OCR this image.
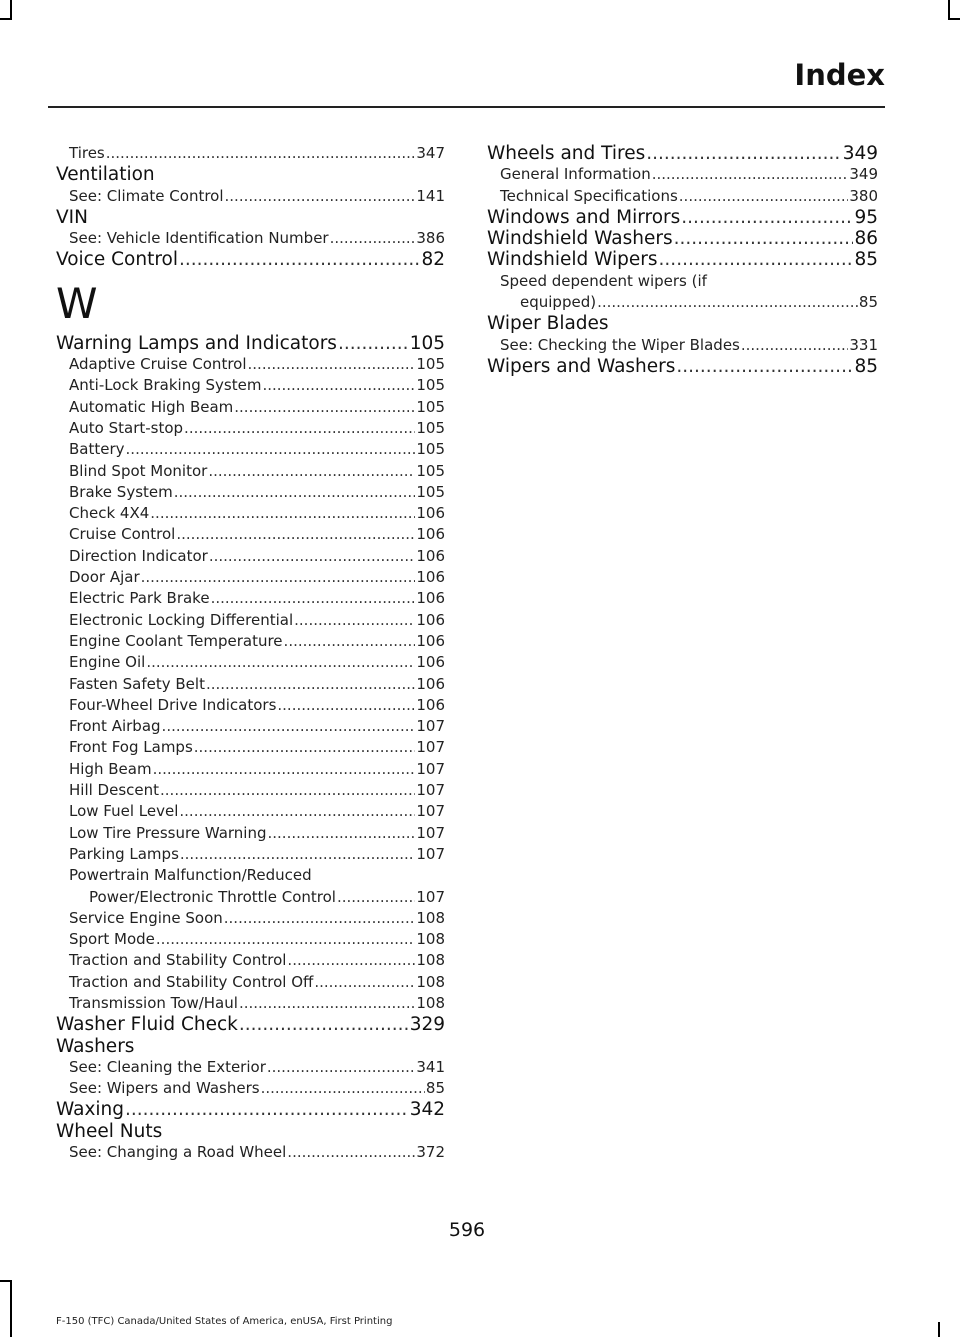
Index
Tires .....	347
Ventilation
See: Climate Control .....	141
VIN
See: Vehicle Identification Number .....	386
Voice Control .....	82
W
Warning Lamps and Indicators .....	105
Adaptive Cruise Control .....	105
Anti-Lock Braking System .....	105
Automatic High Beam .....	105
Auto Start-stop .....	105
Battery .....	105
Blind Spot Monitor .....	105
Brake System .....	105
Check 4X4 .....	106
Cruise Control .....	106
Direction Indicator .....	106
Door Ajar .....	106
Electric Park Brake .....	106
Electronic Locking Differential .....	106
Engine Coolant Temperature .....	106
Engine Oil .....	106
Fasten Safety Belt .....	106
Four-Wheel Drive Indicators .....	106
Front Airbag .....	107
Front Fog Lamps .....	107
High Beam .....	107
Hill Descent .....	107
Low Fuel Level .....	107
Low Tire Pressure Warning .....	107
Parking Lamps .....	107
Powertrain Malfunction/Reduced
Power/Electronic Throttle Control .....	107
Service Engine Soon .....	108
Sport Mode .....	108
Traction and Stability Control .....	108
Traction and Stability Control Off .....	108
Transmission Tow/Haul .....	108
Washer Fluid Check .....	329
Washers
See: Cleaning the Exterior .....	341
See: Wipers and Washers .....	85
Waxing .....	342
Wheel Nuts
See: Changing a Road Wheel .....	372
Wheels and Tires .....	349
General Information .....	349
Technical Specifications .....	380
Windows and Mirrors .....	95
Windshield Washers .....	86
Windshield Wipers .....	85
Speed dependent wipers (if
equipped) .....	85
Wiper Blades
See: Checking the Wiper Blades .....	331
Wipers and Washers .....	85
596
F-150 (TFC) Canada/United States of America, enUSA, First Printing
